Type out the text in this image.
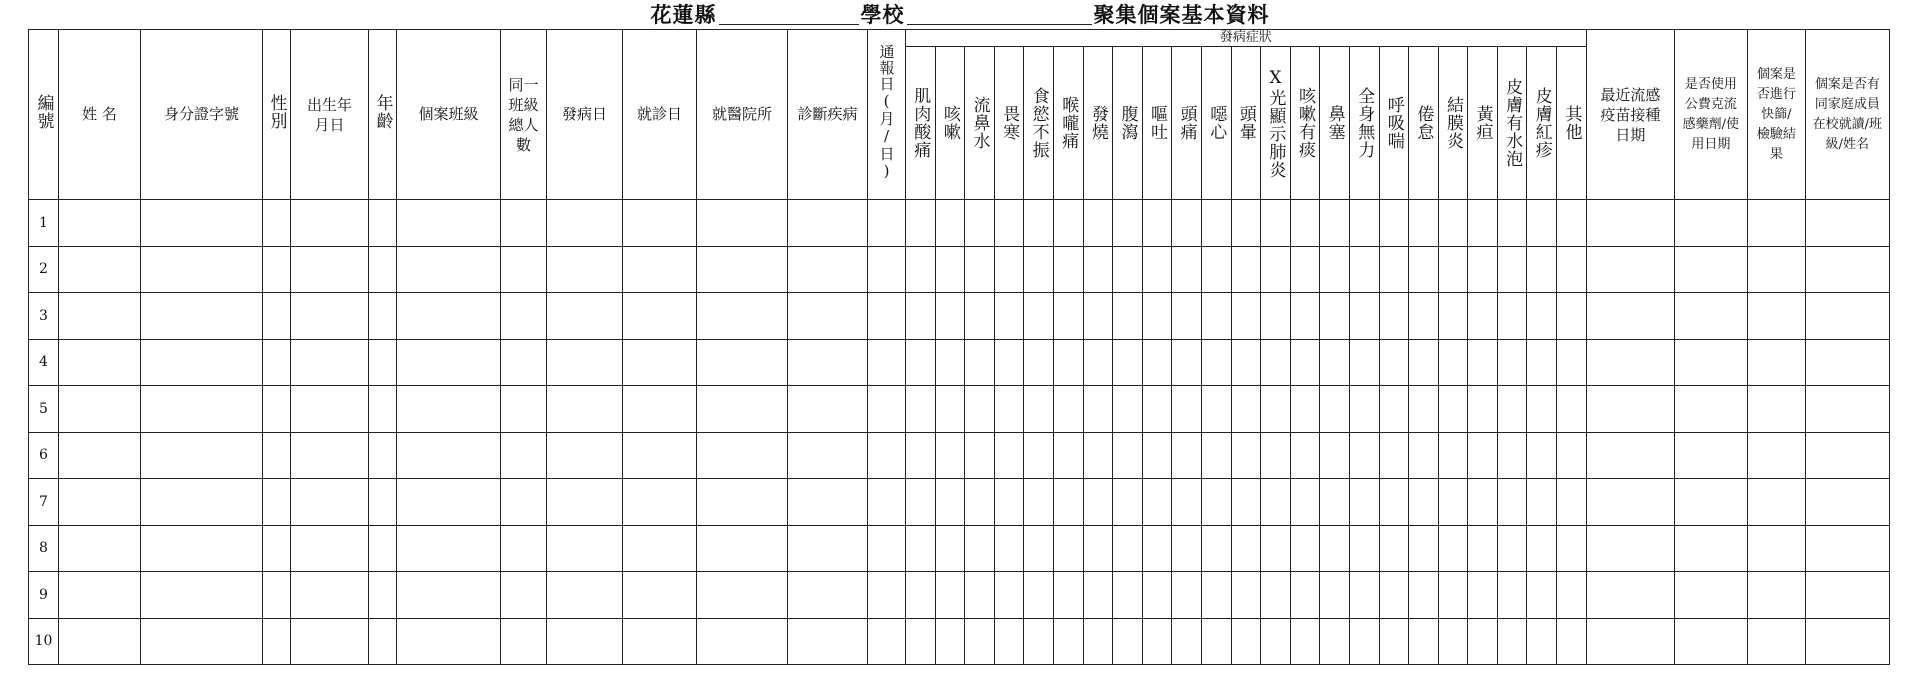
花蓮縣	學校	聚集個案基本資料
編號	姓 名	身分證字號	性別	出生年月日	年齡	個案班級	同一班級總人數	發病日	就診日	就醫院所	診斷疾病	通報日(月/日)	發病症狀																							最近流感疫苗接種日期	是否使用公費克流感藥劑/使用日期	個案是否進行快篩/檢驗結果	個案是否有同家庭成員在校就讀/班級/姓名

													肌肉酸痛	咳嗽	流鼻水	畏寒	食慾不振	喉嚨痛	發燒	腹瀉	嘔吐	頭痛	噁心	頭暈	X光顯示肺炎	咳嗽有痰	鼻塞	全身無力	呼吸喘	倦怠	結膜炎	黃疸	皮膚有水泡	皮膚紅疹	其他				

1																																							
2																																							
3																																							
4																																							
5																																							
6																																							
7																																							
8																																							
9																																							
10																																							
